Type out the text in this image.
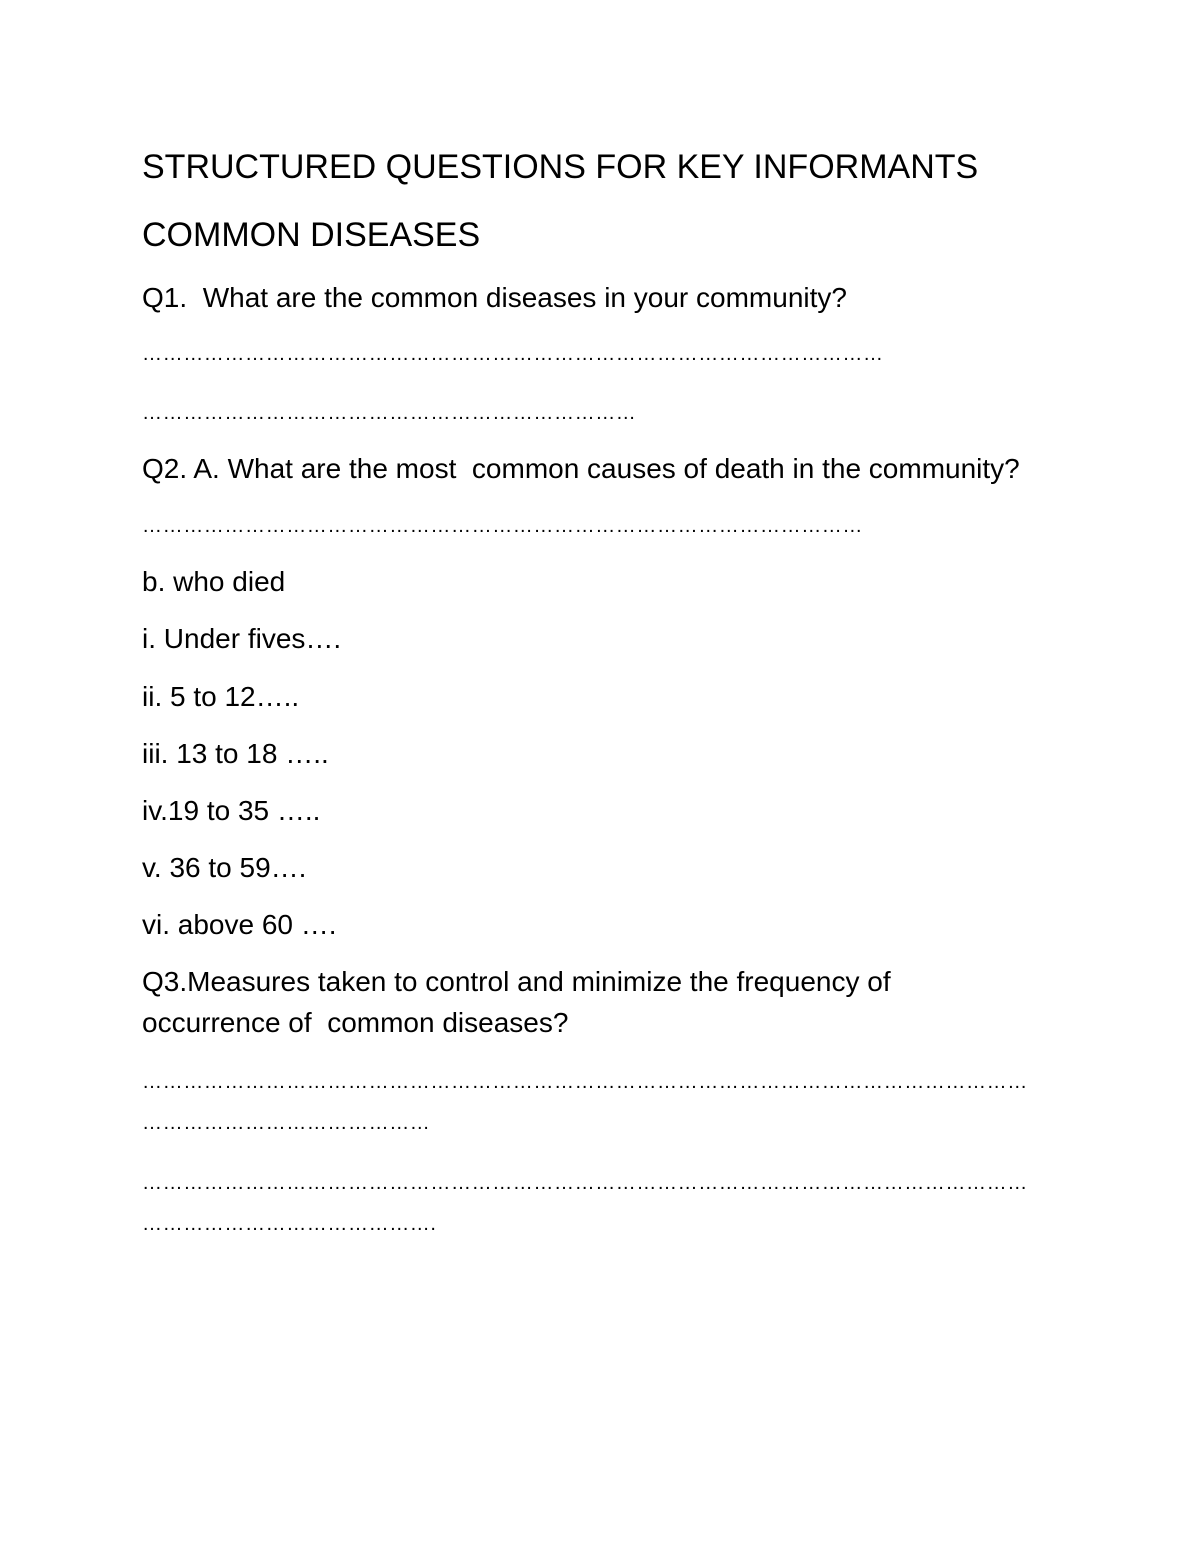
STRUCTURED QUESTIONS FOR KEY INFORMANTS
COMMON DISEASES
Q1.  What are the common diseases in your community?
………………………………………………………………………………………………
………………………………………………………………
Q2. A. What are the most  common causes of death in the community?
……………………………………………………………………………………………
b. who died
i. Under fives….
ii. 5 to 12…..
iii. 13 to 18 …..
iv.19 to 35 …..
v. 36 to 59….
vi. above 60 ….
Q3.Measures taken to control and minimize the frequency of
occurrence of  common diseases?
…………………………………………………………………………………………………………………
……………………………………
…………………………………………………………………………………………………………………
…………………………………….
